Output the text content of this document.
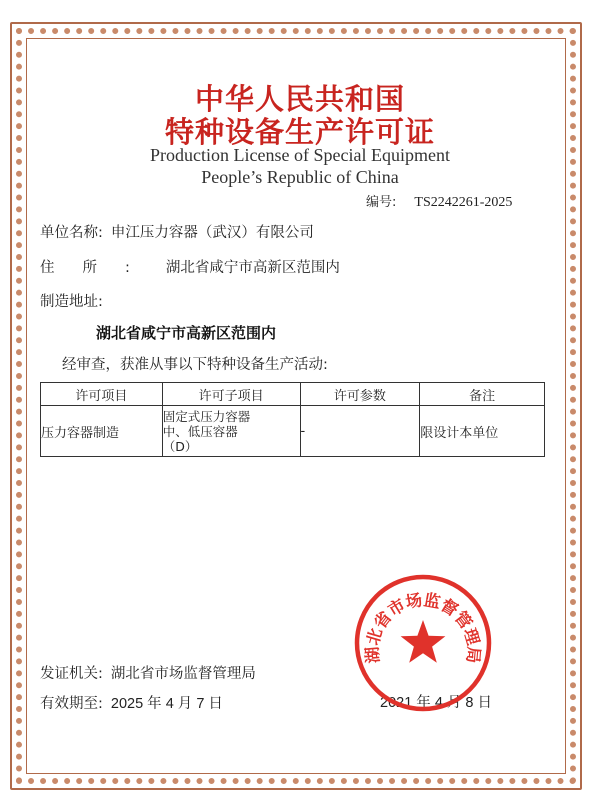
中华人民共和国
特种设备生产许可证
Production License of Special Equipment
People’s Republic of China
编号: TS2242261-2025
单位名称: 申江压力容器（武汉）有限公司
住所: 湖北省咸宁市高新区范围内
制造地址:
湖北省咸宁市高新区范围内
经审查，获准从事以下特种设备生产活动:
许可项目	许可子项目	许可参数	备注
压力容器制造	固定式压力容器
中、低压容器
（D）	-	限设计本单位
发证机关: 湖北省市场监督管理局
有效期至: 2025 年 4 月 7 日	2021 年 4 月 8 日
湖北省市场监督管理局
